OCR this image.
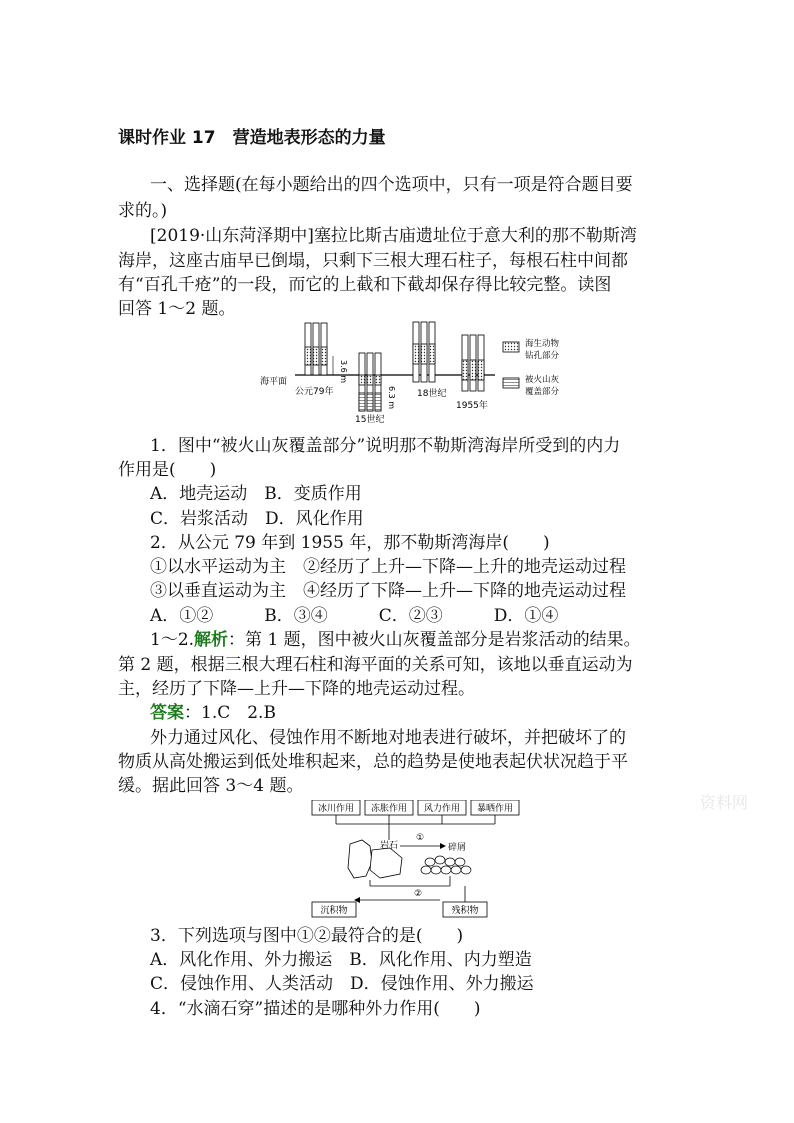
课时作业 17　营造地表形态的力量
一、选择题(在每小题给出的四个选项中，只有一项是符合题目要
求的。)
[2019·山东菏泽期中]塞拉比斯古庙遗址位于意大利的那不勒斯湾
海岸，这座古庙早已倒塌，只剩下三根大理石柱子，每根石柱中间都
有“百孔千疮”的一段，而它的上截和下截却保存得比较完整。读图
回答 1～2 题。
海平面	3.6 m
公元79年	6.3 m
15世纪
18世纪
1955年
海生动物
钻孔部分
被火山灰
覆盖部分
1．图中“被火山灰覆盖部分”说明那不勒斯湾海岸所受到的内力
作用是(　　)
A．地壳运动　B．变质作用
C．岩浆活动　D．风化作用
2．从公元 79 年到 1955 年，那不勒斯湾海岸(　　)
①以水平运动为主　②经历了上升—下降—上升的地壳运动过程
③以垂直运动为主　④经历了下降—上升—下降的地壳运动过程
A．①②　　　B．③④　　　C．②③　　　D．①④
1～2.解析：第 1 题，图中被火山灰覆盖部分是岩浆活动的结果。
第 2 题，根据三根大理石柱和海平面的关系可知，该地以垂直运动为
主，经历了下降—上升—下降的地壳运动过程。
答案：1.C　2.B
外力通过风化、侵蚀作用不断地对地表进行破坏，并把破坏了的
物质从高处搬运到低处堆积起来，总的趋势是使地表起伏状况趋于平
缓。据此回答 3～4 题。
资料网
冰川作用 冻胀作用 风力作用 暴晒作用
岩石
①
碎屑
②
沉积物	残积物
3．下列选项与图中①②最符合的是(　　)
A．风化作用、外力搬运　B．风化作用、内力塑造
C．侵蚀作用、人类活动　D．侵蚀作用、外力搬运
4．“水滴石穿”描述的是哪种外力作用(　　)
